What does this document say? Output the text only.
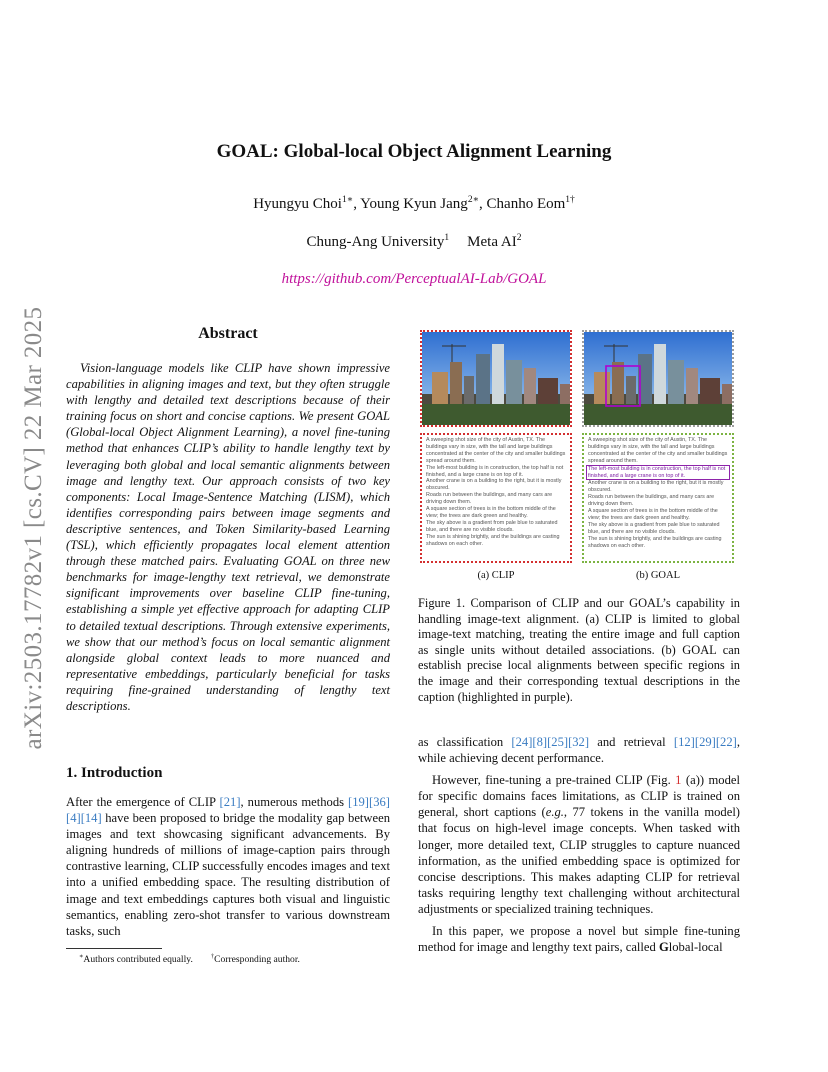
arXiv:2503.17782v1 [cs.CV] 22 Mar 2025
GOAL: Global-local Object Alignment Learning
Hyungyu Choi$^{1∗}$, Young Kyun Jang$^{2∗}$, Chanho Eom$^{1\dagger}$
Chung-Ang University$^1$ Meta $AI^2$
https://github.com/PerceptualAI-Lab/GOAL
Abstract
Vision-language models like CLIP have shown impressive capabilities in aligning images and text, but they often struggle with lengthy and detailed text descriptions because of their training focus on short and concise captions. We present GOAL (Global-local Object Alignment Learning), a novel fine-tuning method that enhances CLIP’s ability to handle lengthy text by leveraging both global and local semantic alignments between image and lengthy text. Our approach consists of two key components: Local Image-Sentence Matching (LISM), which identifies corresponding pairs between image segments and descriptive sentences, and Token Similarity-based Learning (TSL), which efficiently propagates local element attention through these matched pairs. Evaluating GOAL on three new benchmarks for image-lengthy text retrieval, we demonstrate significant improvements over baseline CLIP fine-tuning, establishing a simple yet effective approach for adapting CLIP to detailed textual descriptions. Through extensive experiments, we show that our method’s focus on local semantic alignment alongside global context leads to more nuanced and representative embeddings, particularly beneficial for tasks requiring fine-grained understanding of lengthy text descriptions.
1. Introduction
After the emergence of CLIP [21], numerous methods [19][36][4][14] have been proposed to bridge the modality gap between images and text showcasing significant advancements. By aligning hundreds of millions of image-caption pairs through contrastive learning, CLIP successfully encodes images and text into a unified embedding space. The resulting distribution of image and text embeddings captures both visual and linguistic semantics, enabling zero-shot transfer to various downstream tasks, such
∗Authors contributed equally.	†Corresponding author.
A sweeping shot size of the city of Austin, TX. The buildings vary in size, with the tall and large buildings concentrated at the center of the city and smaller buildings spread around them.
The left-most building is in construction, the top half is not finished, and a large crane is on top of it.
Another crane is on a building to the right, but it is mostly obscured.
Roads run between the buildings, and many cars are driving down them.
A square section of trees is in the bottom middle of the view; the trees are dark green and healthy.
The sky above is a gradient from pale blue to saturated blue, and there are no visible clouds.
The sun is shining brightly, and the buildings are casting shadows on each other.
A sweeping shot size of the city of Austin, TX. The buildings vary in size, with the tall and large buildings concentrated at the center of the city and smaller buildings spread around them.
The left-most building is in construction, the top half is not finished, and a large crane is on top of it.
Another crane is on a building to the right, but it is mostly obscured.
Roads run between the buildings, and many cars are driving down them.
A square section of trees is in the bottom middle of the view; the trees are dark green and healthy.
The sky above is a gradient from pale blue to saturated blue, and there are no visible clouds.
The sun is shining brightly, and the buildings are casting shadows on each other.
(a) CLIP	(b) GOAL
Figure 1. Comparison of CLIP and our GOAL’s capability in handling image-text alignment. (a) CLIP is limited to global image-text matching, treating the entire image and full caption as single units without detailed associations. (b) GOAL can establish precise local alignments between specific regions in the image and their corresponding textual descriptions in the caption (highlighted in purple).

as classification [24][8][25][32] and retrieval [12][29][22], while achieving decent performance.

However, fine-tuning a pre-trained CLIP (Fig. 1 (a)) model for specific domains faces limitations, as CLIP is trained on general, short captions (e.g., 77 tokens in the vanilla model) that focus on high-level image concepts. When tasked with longer, more detailed text, CLIP struggles to capture nuanced information, as the unified embedding space is optimized for concise descriptions. This makes adapting CLIP for retrieval tasks requiring lengthy text challenging without architectural adjustments or specialized training techniques.

In this paper, we propose a novel but simple fine-tuning method for image and lengthy text pairs, called Global-local
